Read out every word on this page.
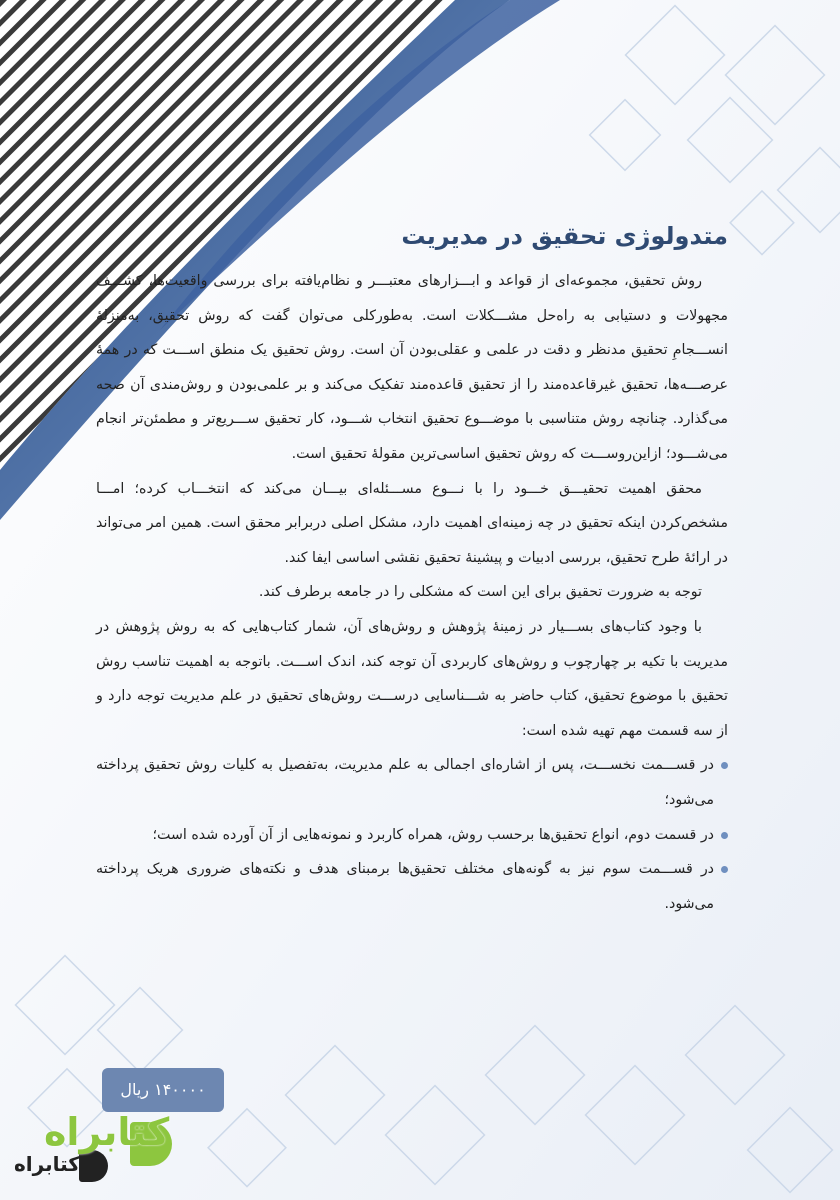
متدولوژی تحقیق در مدیریت

روش تحقیق، مجموعه‌ای از قواعد و ابـــزارهای معتبـــر و نظام‌یافته برای بررسی واقعیت‌ها، کشـــف مجهولات و دستیابی به راه‌حل مشـــکلات است. به‌طورکلی می‌توان گفت که روش تحقیق، به‌منزلهٔ انســـجامِ تحقیق مدنظر و دقت در علمی و عقلی‌بودن آن است. روش تحقیق یک منطق اســـت که در همهٔ عرصـــه‌ها، تحقیق غیرقاعده‌مند را از تحقیق قاعده‌مند تفکیک می‌کند و بر علمی‌بودن و روش‌مندی آن صحه می‌گذارد. چنانچه روش متناسبی با موضـــوع تحقیق انتخاب شـــود، کار تحقیق ســـریع‌تر و مطمئن‌تر انجام می‌شـــود؛ ازاین‌روســـت که روش تحقیق اساسی‌ترین مقولهٔ تحقیق است.

محقق اهمیت تحقیـــق خـــود را با نـــوع مســـئله‌ای بیـــان می‌کند که انتخـــاب کرده؛ امـــا مشخص‌کردن اینکه تحقیق در چه زمینه‌ای اهمیت دارد، مشکل اصلی دربرابر محقق است. همین امر می‌تواند در ارائهٔ طرح تحقیق، بررسی ادبیات و پیشینهٔ تحقیق نقشی اساسی ایفا کند.

توجه به ضرورت تحقیق برای این است که مشکلی را در جامعه برطرف کند.

با وجود کتاب‌های بســـیار در زمینهٔ پژوهش و روش‌های آن، شمار کتاب‌هایی که به روش پژوهش در مدیریت با تکیه بر چهارچوب و روش‌های کاربردی آن توجه کند، اندک اســـت. باتوجه به اهمیت تناسب روش تحقیق با موضوع تحقیق، کتاب حاضر به شـــناسایی درســـت روش‌های تحقیق در علم مدیریت توجه دارد و از سه قسمت مهم تهیه شده است:

در قســـمت نخســـت، پس از اشاره‌ای اجمالی به علم مدیریت، به‌تفصیل به کلیات روش تحقیق پرداخته می‌شود؛
در قسمت دوم، انواع تحقیق‌ها برحسب روش، همراه کاربرد و نمونه‌هایی از آن آورده شده است؛
در قســـمت سوم نیز به گونه‌های مختلف تحقیق‌ها برمبنای هدف و نکته‌های ضروری هریک پرداخته می‌شود.
۱۴۰۰۰۰ ریال
کتابراه
کتابراه
